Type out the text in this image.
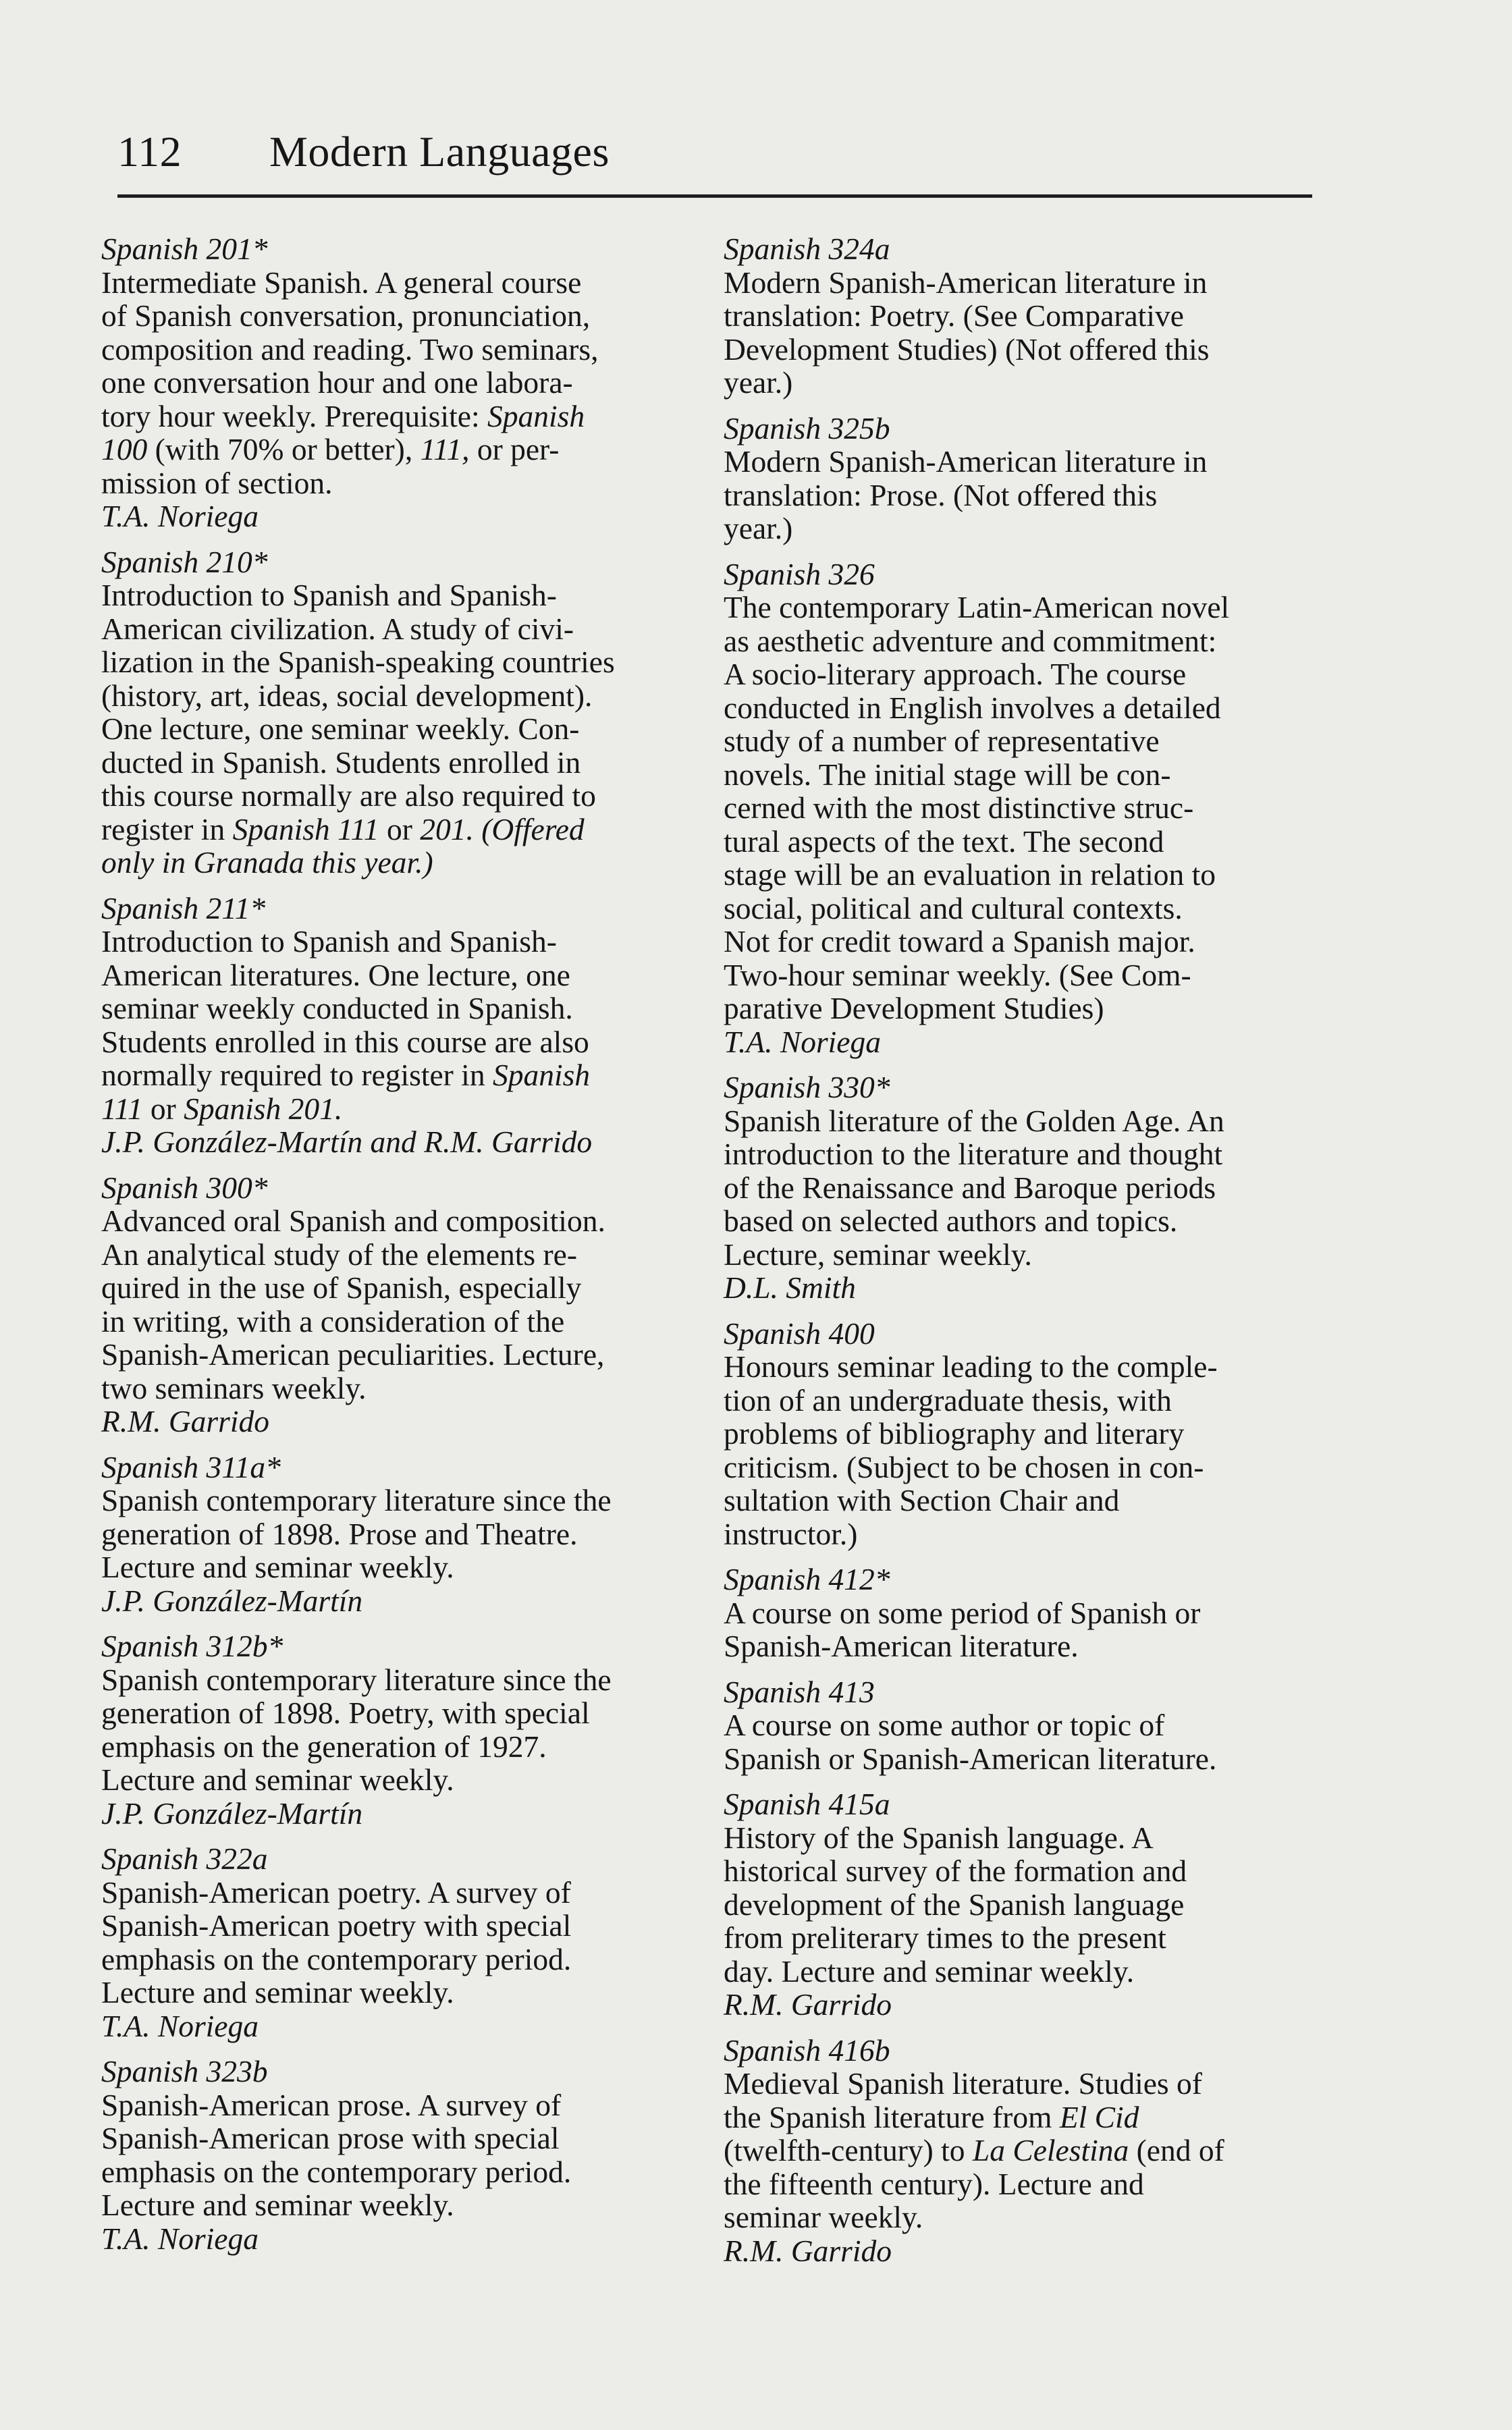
112 Modern Languages
Spanish 201*
Intermediate Spanish. A general course
of Spanish conversation, pronunciation,
composition and reading. Two seminars,
one conversation hour and one labora-
tory hour weekly. Prerequisite: Spanish
100 (with 70% or better), 111, or per-
mission of section.
T.A. Noriega
Spanish 210*
Introduction to Spanish and Spanish-
American civilization. A study of civi-
lization in the Spanish-speaking countries
(history, art, ideas, social development).
One lecture, one seminar weekly. Con-
ducted in Spanish. Students enrolled in
this course normally are also required to
register in Spanish 111 or 201. (Offered
only in Granada this year.)
Spanish 211*
Introduction to Spanish and Spanish-
American literatures. One lecture, one
seminar weekly conducted in Spanish.
Students enrolled in this course are also
normally required to register in Spanish
111 or Spanish 201.
J.P. González-Martín and R.M. Garrido
Spanish 300*
Advanced oral Spanish and composition.
An analytical study of the elements re-
quired in the use of Spanish, especially
in writing, with a consideration of the
Spanish-American peculiarities. Lecture,
two seminars weekly.
R.M. Garrido
Spanish 311a*
Spanish contemporary literature since the
generation of 1898. Prose and Theatre.
Lecture and seminar weekly.
J.P. González-Martín
Spanish 312b*
Spanish contemporary literature since the
generation of 1898. Poetry, with special
emphasis on the generation of 1927.
Lecture and seminar weekly.
J.P. González-Martín
Spanish 322a
Spanish-American poetry. A survey of
Spanish-American poetry with special
emphasis on the contemporary period.
Lecture and seminar weekly.
T.A. Noriega
Spanish 323b
Spanish-American prose. A survey of
Spanish-American prose with special
emphasis on the contemporary period.
Lecture and seminar weekly.
T.A. Noriega
Spanish 324a
Modern Spanish-American literature in
translation: Poetry. (See Comparative
Development Studies) (Not offered this
year.)
Spanish 325b
Modern Spanish-American literature in
translation: Prose. (Not offered this
year.)
Spanish 326
The contemporary Latin-American novel
as aesthetic adventure and commitment:
A socio-literary approach. The course
conducted in English involves a detailed
study of a number of representative
novels. The initial stage will be con-
cerned with the most distinctive struc-
tural aspects of the text. The second
stage will be an evaluation in relation to
social, political and cultural contexts.
Not for credit toward a Spanish major.
Two-hour seminar weekly. (See Com-
parative Development Studies)
T.A. Noriega
Spanish 330*
Spanish literature of the Golden Age. An
introduction to the literature and thought
of the Renaissance and Baroque periods
based on selected authors and topics.
Lecture, seminar weekly.
D.L. Smith
Spanish 400
Honours seminar leading to the comple-
tion of an undergraduate thesis, with
problems of bibliography and literary
criticism. (Subject to be chosen in con-
sultation with Section Chair and
instructor.)
Spanish 412*
A course on some period of Spanish or
Spanish-American literature.
Spanish 413
A course on some author or topic of
Spanish or Spanish-American literature.
Spanish 415a
History of the Spanish language. A
historical survey of the formation and
development of the Spanish language
from preliterary times to the present
day. Lecture and seminar weekly.
R.M. Garrido
Spanish 416b
Medieval Spanish literature. Studies of
the Spanish literature from El Cid
(twelfth-century) to La Celestina (end of
the fifteenth century). Lecture and
seminar weekly.
R.M. Garrido
